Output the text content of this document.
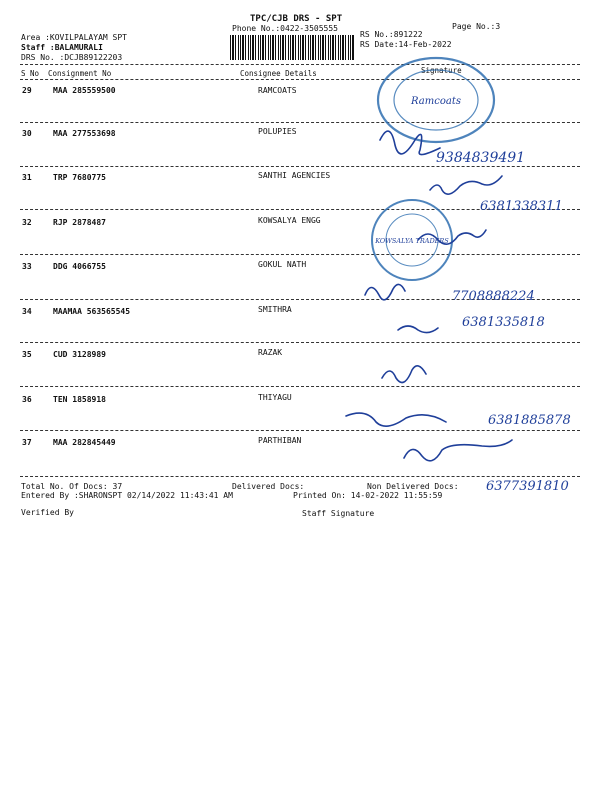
TPC/CJB DRS - SPT
Phone No.:0422-3505555	Page No.:3
Area :KOVILPALAYAM SPT
Staff :BALAMURALI
DRS No. :DCJB89122203
RS No.:891222
RS Date:14-Feb-2022
S No Consignment No	Consignee Details	Signature
29	MAA 285559500	RAMCOATS
30	MAA 277553698	POLUPIES
31	TRP 7680775	SANTHI AGENCIES
32	RJP 2878487	KOWSALYA ENGG
33	DDG 4066755	GOKUL NATH
34	MAAMAA 563565545	SMITHRA
35	CUD 3128989	RAZAK
36	TEN 1858918	THIYAGU
37	MAA 282845449	PARTHIBAN
Total No. Of Docs: 37	Delivered Docs:	Non Delivered Docs:
Entered By :SHARONSPT 02/14/2022 11:43:41 AM	Printed On: 14-02-2022 11:55:59
Verified By	Staff Signature
Ramcoats
KOWSALYA TRADERS
9384839491
6381338311
7708888224
6381335818
6381885878
6377391810
